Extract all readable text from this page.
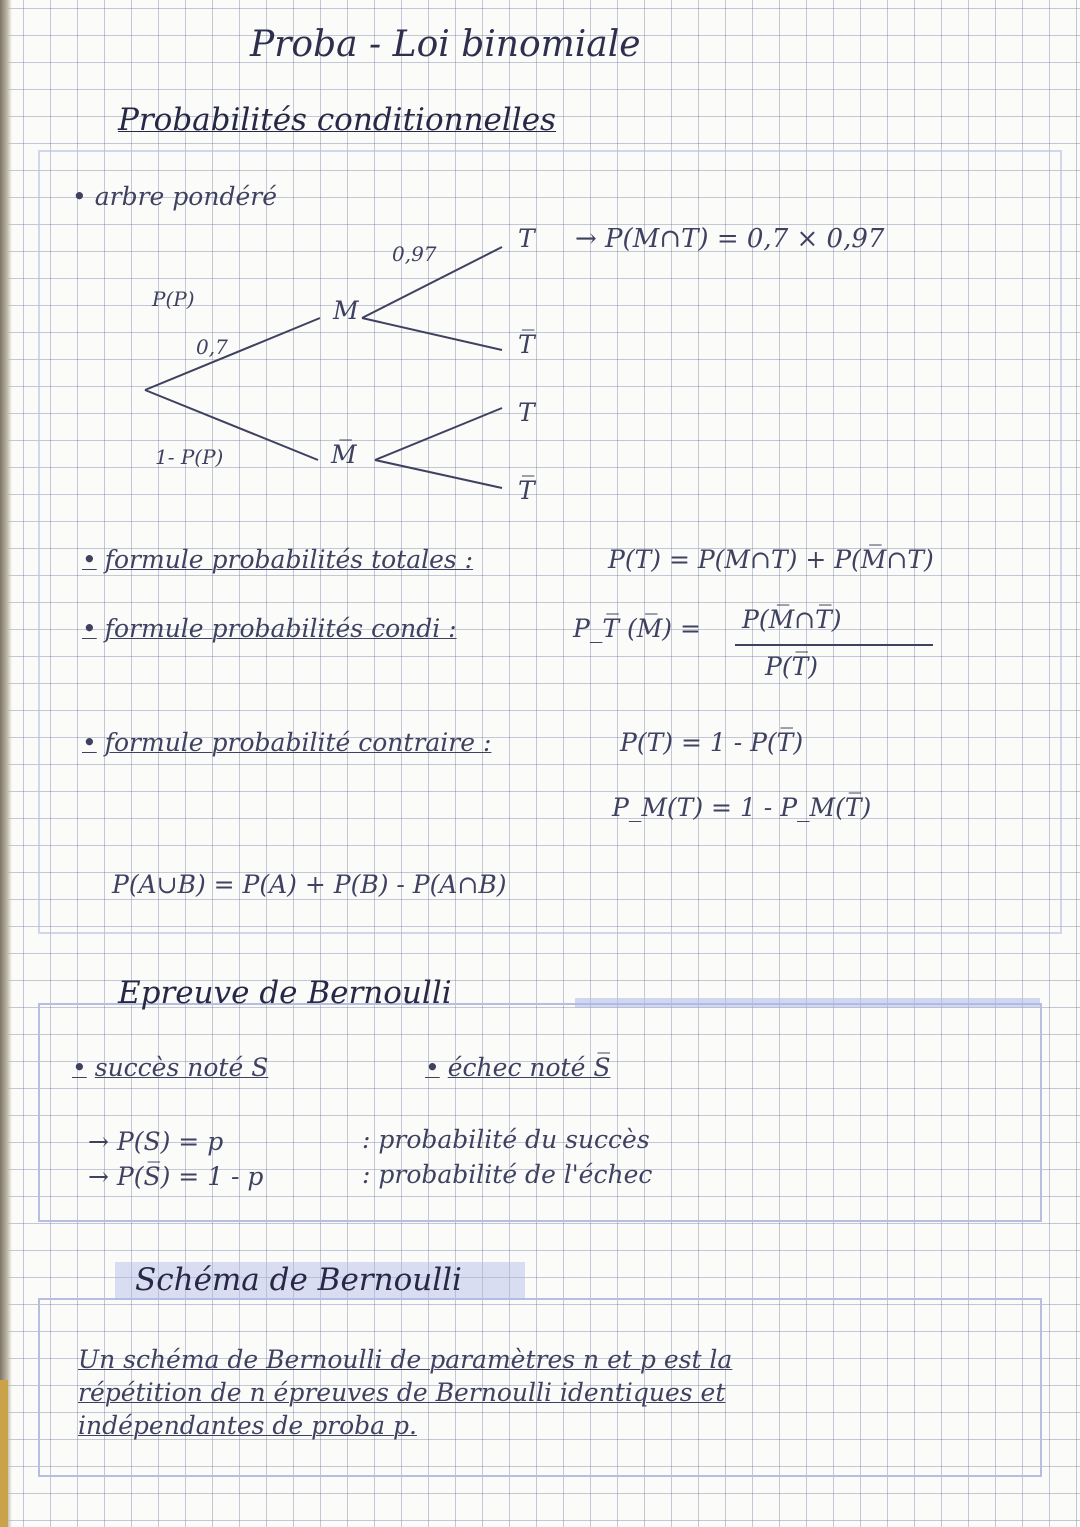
Proba - Loi binomiale
Probabilités conditionnelles
• arbre pondéré
P(P)
0,7
1- P(P)
0,97
M
M̅
T
T̅
T
T̅
→ P(M∩T) = 0,7 × 0,97
• formule probabilités totales :	P(T) = P(M∩T) + P(M̅∩T)
• formule probabilités condi :	P_T̅ (M̅) = P(M̅∩T̅)
P(T̅)
• formule probabilité contraire :	P(T) = 1 - P(T̅)
P_M(T) = 1 - P_M(T̅)
P(A∪B) = P(A) + P(B) - P(A∩B)
Epreuve de Bernoulli
• succès noté S
•	échec noté S̅
→ P(S) = p
→ P(S̅) = 1 - p
: probabilité du succès
: probabilité de l'échec
Schéma de Bernoulli
Un schéma de Bernoulli de paramètres n et p est la
répétition de n épreuves de Bernoulli identiques et
indépendantes de proba p.
